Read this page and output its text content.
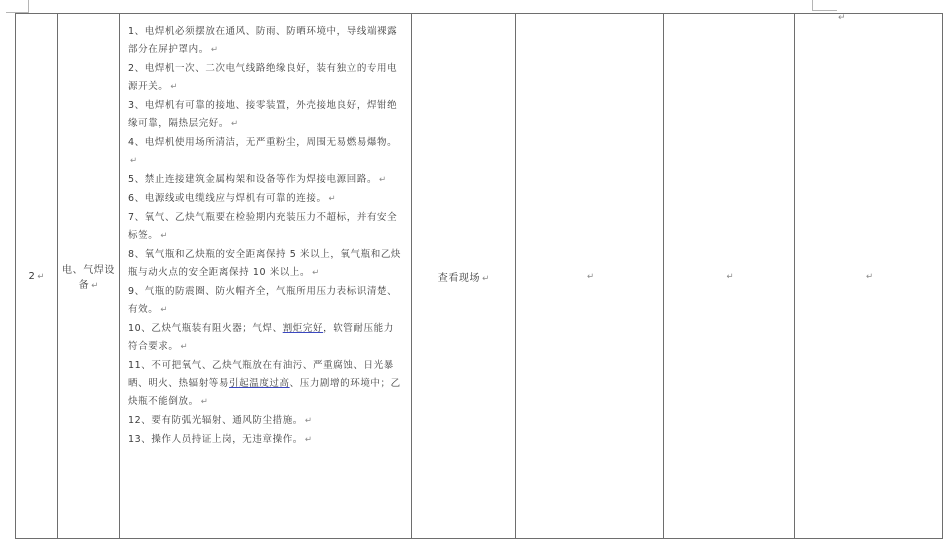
2 ↵	电、气焊设备 ↵	
1、电焊机必须摆放在通风、防雨、防晒环境中，导线端裸露部分在屏护罩内。 ↵
2、电焊机一次、二次电气线路绝缘良好，装有独立的专用电源开关。 ↵
3、电焊机有可靠的接地、接零装置，外壳接地良好，焊钳绝缘可靠，隔热层完好。 ↵
4、电焊机使用场所清洁，无严重粉尘，周围无易燃易爆物。↵
5、禁止连接建筑金属构架和设备等作为焊接电源回路。 ↵
6、电源线或电缆线应与焊机有可靠的连接。 ↵
7、氧气、乙炔气瓶要在检验期内充装压力不超标，并有安全标签。 ↵
8、氧气瓶和乙炔瓶的安全距离保持 5 米以上，氧气瓶和乙炔瓶与动火点的安全距离保持 10 米以上。 ↵
9、气瓶的防震圈、防火帽齐全，气瓶所用压力表标识清楚、有效。 ↵
10、乙炔气瓶装有阻火器；气焊、割炬完好，软管耐压能力符合要求。 ↵
11、不可把氧气、乙炔气瓶放在有油污、严重腐蚀、日光暴晒、明火、热辐射等易引起温度过高、压力剧增的环境中；乙炔瓶不能倒放。 ↵
12、要有防弧光辐射、通风防尘措施。 ↵
13、操作人员持证上岗，无违章操作。 ↵
	查看现场 ↵	↵	↵	↵
↵
